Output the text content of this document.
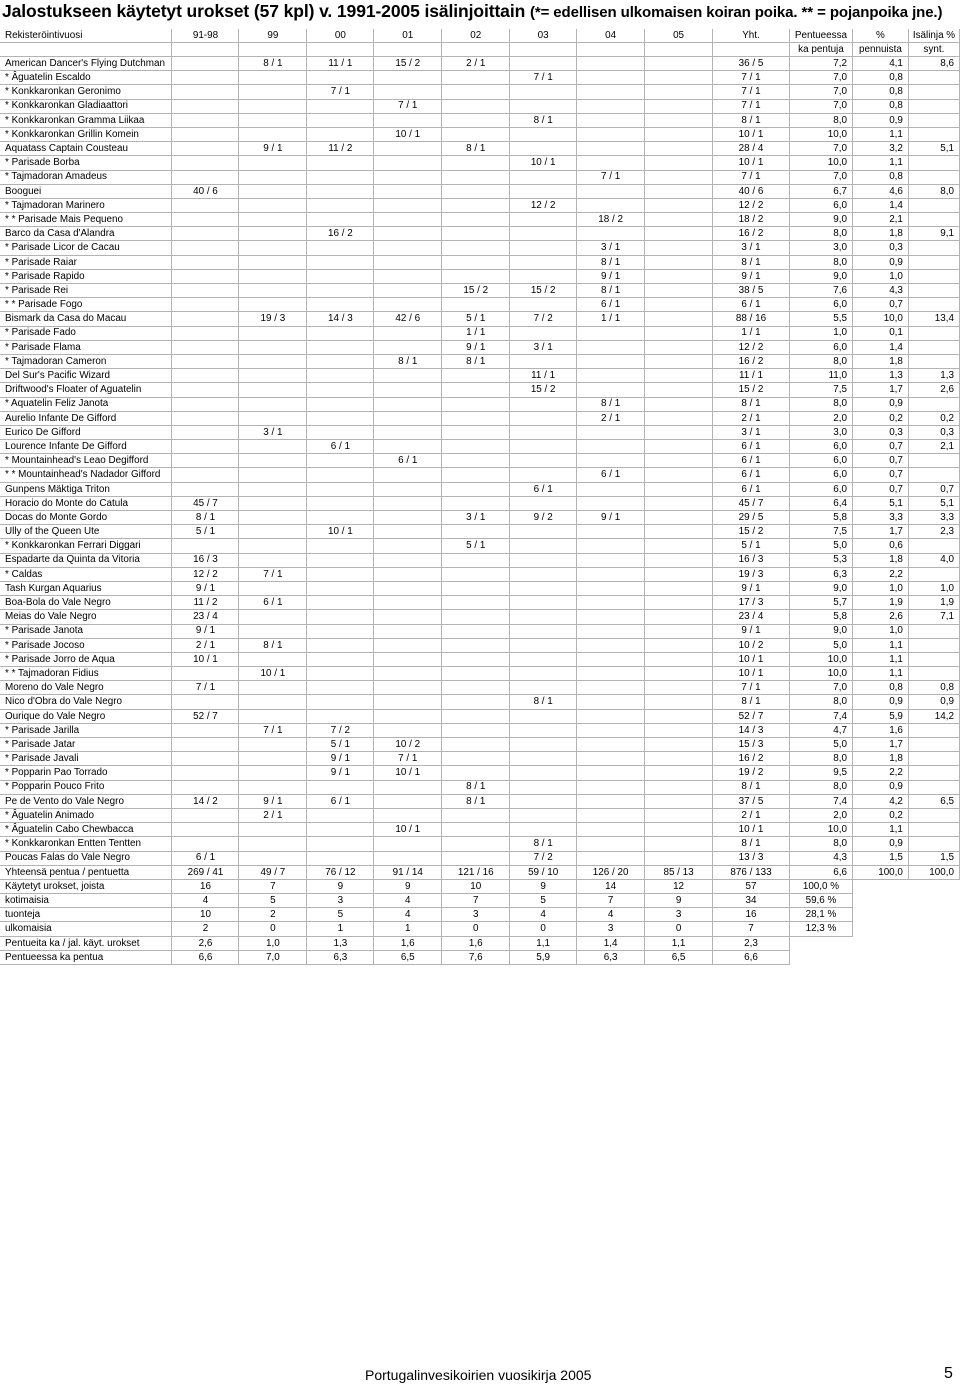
Jalostukseen käytetyt urokset (57 kpl) v. 1991-2005 isälinjoittain (*= edellisen ulkomaisen koiran poika. ** = pojanpoika jne.)
Rekisteröintivuosi	91-98	99	00	01	02	03	04	05	Yht.	Pentueessa	%	Isälinja %
										ka pentuja	pennuista	synt.
American Dancer's Flying Dutchman		8 / 1	11 / 1	15 / 2	2 / 1				36 / 5	7,2	4,1	8,6
* Âguatelin Escaldo						7 / 1			7 / 1	7,0	0,8	
* Konkkaronkan Geronimo			7 / 1						7 / 1	7,0	0,8	
* Konkkaronkan Gladiaattori				7 / 1					7 / 1	7,0	0,8	
* Konkkaronkan Gramma Liikaa						8 / 1			8 / 1	8,0	0,9	
* Konkkaronkan Grillin Komein				10 / 1					10 / 1	10,0	1,1	
Aquatass Captain Cousteau		9 / 1	11 / 2		8 / 1				28 / 4	7,0	3,2	5,1
* Parisade Borba						10 / 1			10 / 1	10,0	1,1	
* Tajmadoran Amadeus							7 / 1		7 / 1	7,0	0,8	
Booguei	40 / 6								40 / 6	6,7	4,6	8,0
* Tajmadoran Marinero						12 / 2			12 / 2	6,0	1,4	
* * Parisade Mais Pequeno							18 / 2		18 / 2	9,0	2,1	
Barco da Casa d'Alandra			16 / 2						16 / 2	8,0	1,8	9,1
* Parisade Licor de Cacau							3 / 1		3 / 1	3,0	0,3	
* Parisade Raiar							8 / 1		8 / 1	8,0	0,9	
* Parisade Rapido							9 / 1		9 / 1	9,0	1,0	
* Parisade Rei					15 / 2	15 / 2	8 / 1		38 / 5	7,6	4,3	
* * Parisade Fogo							6 / 1		6 / 1	6,0	0,7	
Bismark da Casa do Macau		19 / 3	14 / 3	42 / 6	5 / 1	7 / 2	1 / 1		88 / 16	5,5	10,0	13,4
* Parisade Fado					1 / 1				1 / 1	1,0	0,1	
* Parisade Flama					9 / 1	3 / 1			12 / 2	6,0	1,4	
* Tajmadoran Cameron				8 / 1	8 / 1				16 / 2	8,0	1,8	
Del Sur's Pacific Wizard						11 / 1			11 / 1	11,0	1,3	1,3
Driftwood's Floater of Aguatelin						15 / 2			15 / 2	7,5	1,7	2,6
* Aquatelin Feliz Janota							8 / 1		8 / 1	8,0	0,9	
Aurelio Infante De Gifford							2 / 1		2 / 1	2,0	0,2	0,2
Eurico De Gifford		3 / 1							3 / 1	3,0	0,3	0,3
Lourence Infante De Gifford			6 / 1						6 / 1	6,0	0,7	2,1
* Mountainhead's Leao Degifford				6 / 1					6 / 1	6,0	0,7	
* * Mountainhead's Nadador Gifford							6 / 1		6 / 1	6,0	0,7	
Gunpens Mäktiga Triton						6 / 1			6 / 1	6,0	0,7	0,7
Horacio do Monte do Catula	45 / 7								45 / 7	6,4	5,1	5,1
Docas do Monte Gordo	8 / 1				3 / 1	9 / 2	9 / 1		29 / 5	5,8	3,3	3,3
Ully of the Queen Ute	5 / 1		10 / 1						15 / 2	7,5	1,7	2,3
* Konkkaronkan Ferrari Diggari					5 / 1				5 / 1	5,0	0,6	
Espadarte da Quinta da Vitoria	16 / 3								16 / 3	5,3	1,8	4,0
* Caldas	12 / 2	7 / 1							19 / 3	6,3	2,2	
Tash Kurgan Aquarius	9 / 1								9 / 1	9,0	1,0	1,0
Boa-Bola do Vale Negro	11 / 2	6 / 1							17 / 3	5,7	1,9	1,9
Meias do Vale Negro	23 / 4								23 / 4	5,8	2,6	7,1
* Parisade Janota	9 / 1								9 / 1	9,0	1,0	
* Parisade Jocoso	2 / 1	8 / 1							10 / 2	5,0	1,1	
* Parisade Jorro de Aqua	10 / 1								10 / 1	10,0	1,1	
* * Tajmadoran Fidius		10 / 1							10 / 1	10,0	1,1	
Moreno do Vale Negro	7 / 1								7 / 1	7,0	0,8	0,8
Nico d'Obra do Vale Negro						8 / 1			8 / 1	8,0	0,9	0,9
Ourique do Vale Negro	52 / 7								52 / 7	7,4	5,9	14,2
* Parisade Jarilla		7 / 1	7 / 2						14 / 3	4,7	1,6	
* Parisade Jatar			5 / 1	10 / 2					15 / 3	5,0	1,7	
* Parisade Javali			9 / 1	7 / 1					16 / 2	8,0	1,8	
* Popparin Pao Torrado			9 / 1	10 / 1					19 / 2	9,5	2,2	
* Popparin Pouco Frito					8 / 1				8 / 1	8,0	0,9	
Pe de Vento do Vale Negro	14 / 2	9 / 1	6 / 1		8 / 1				37 / 5	7,4	4,2	6,5
* Âguatelin Animado		2 / 1							2 / 1	2,0	0,2	
* Âguatelin Cabo Chewbacca				10 / 1					10 / 1	10,0	1,1	
* Konkkaronkan Entten Tentten						8 / 1			8 / 1	8,0	0,9	
Poucas Falas do Vale Negro	6 / 1					7 / 2			13 / 3	4,3	1,5	1,5
Yhteensä pentua / pentuetta	269 / 41	49 / 7	76 / 12	91 / 14	121 / 16	59 / 10	126 / 20	85 / 13	876 / 133	6,6	100,0	100,0
Käytetyt urokset, joista	16	7	9	9	10	9	14	12	57	100,0 %		
kotimaisia	4	5	3	4	7	5	7	9	34	59,6 %		
tuonteja	10	2	5	4	3	4	4	3	16	28,1 %		
ulkomaisia	2	0	1	1	0	0	3	0	7	12,3 %		
Pentueita ka / jal. käyt. urokset	2,6	1,0	1,3	1,6	1,6	1,1	1,4	1,1	2,3			
Pentueessa ka pentua	6,6	7,0	6,3	6,5	7,6	5,9	6,3	6,5	6,6			
Portugalinvesikoirien vuosikirja 2005	5
